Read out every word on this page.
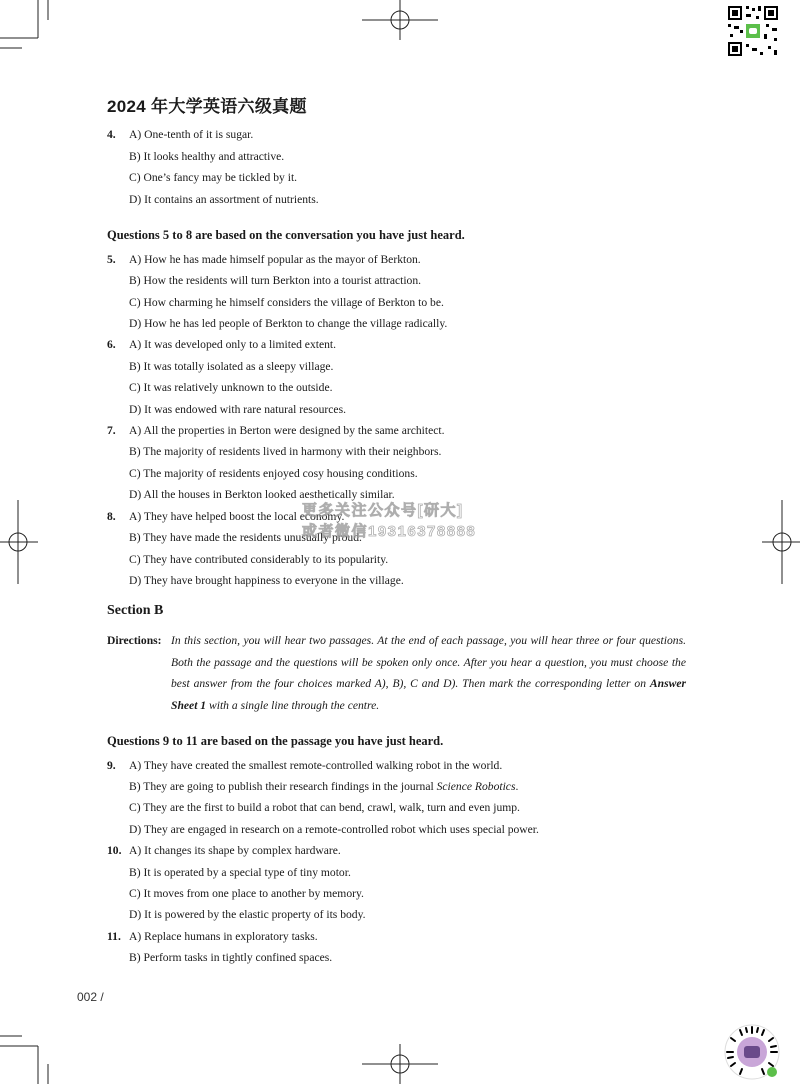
2024 年大学英语六级真题
4. A) One-tenth of it is sugar.
B) It looks healthy and attractive.
C) One’s fancy may be tickled by it.
D) It contains an assortment of nutrients.
Questions 5 to 8 are based on the conversation you have just heard.
5. A) How he has made himself popular as the mayor of Berkton.
B) How the residents will turn Berkton into a tourist attraction.
C) How charming he himself considers the village of Berkton to be.
D) How he has led people of Berkton to change the village radically.
6. A) It was developed only to a limited extent.
B) It was totally isolated as a sleepy village.
C) It was relatively unknown to the outside.
D) It was endowed with rare natural resources.
7. A) All the properties in Berton were designed by the same architect.
B) The majority of residents lived in harmony with their neighbors.
C) The majority of residents enjoyed cosy housing conditions.
D) All the houses in Berkton looked aesthetically similar.
8. A) They have helped boost the local economy.
B) They have made the residents unusually proud.
C) They have contributed considerably to its popularity.
D) They have brought happiness to everyone in the village.
更多关注公众号[研大]
或者微信19316378888
Section B
Directions: In this section, you will hear two passages. At the end of each passage, you will hear three or four questions. Both the passage and the questions will be spoken only once. After you hear a question, you must choose the best answer from the four choices marked A), B), C and D). Then mark the corresponding letter on Answer Sheet 1 with a single line through the centre.
Questions 9 to 11 are based on the passage you have just heard.
9. A) They have created the smallest remote-controlled walking robot in the world.
B) They are going to publish their research findings in the journal Science Robotics.
C) They are the first to build a robot that can bend, crawl, walk, turn and even jump.
D) They are engaged in research on a remote-controlled robot which uses special power.
10. A) It changes its shape by complex hardware.
B) It is operated by a special type of tiny motor.
C) It moves from one place to another by memory.
D) It is powered by the elastic property of its body.
11. A) Replace humans in exploratory tasks.
B) Perform tasks in tightly confined spaces.
002 /
